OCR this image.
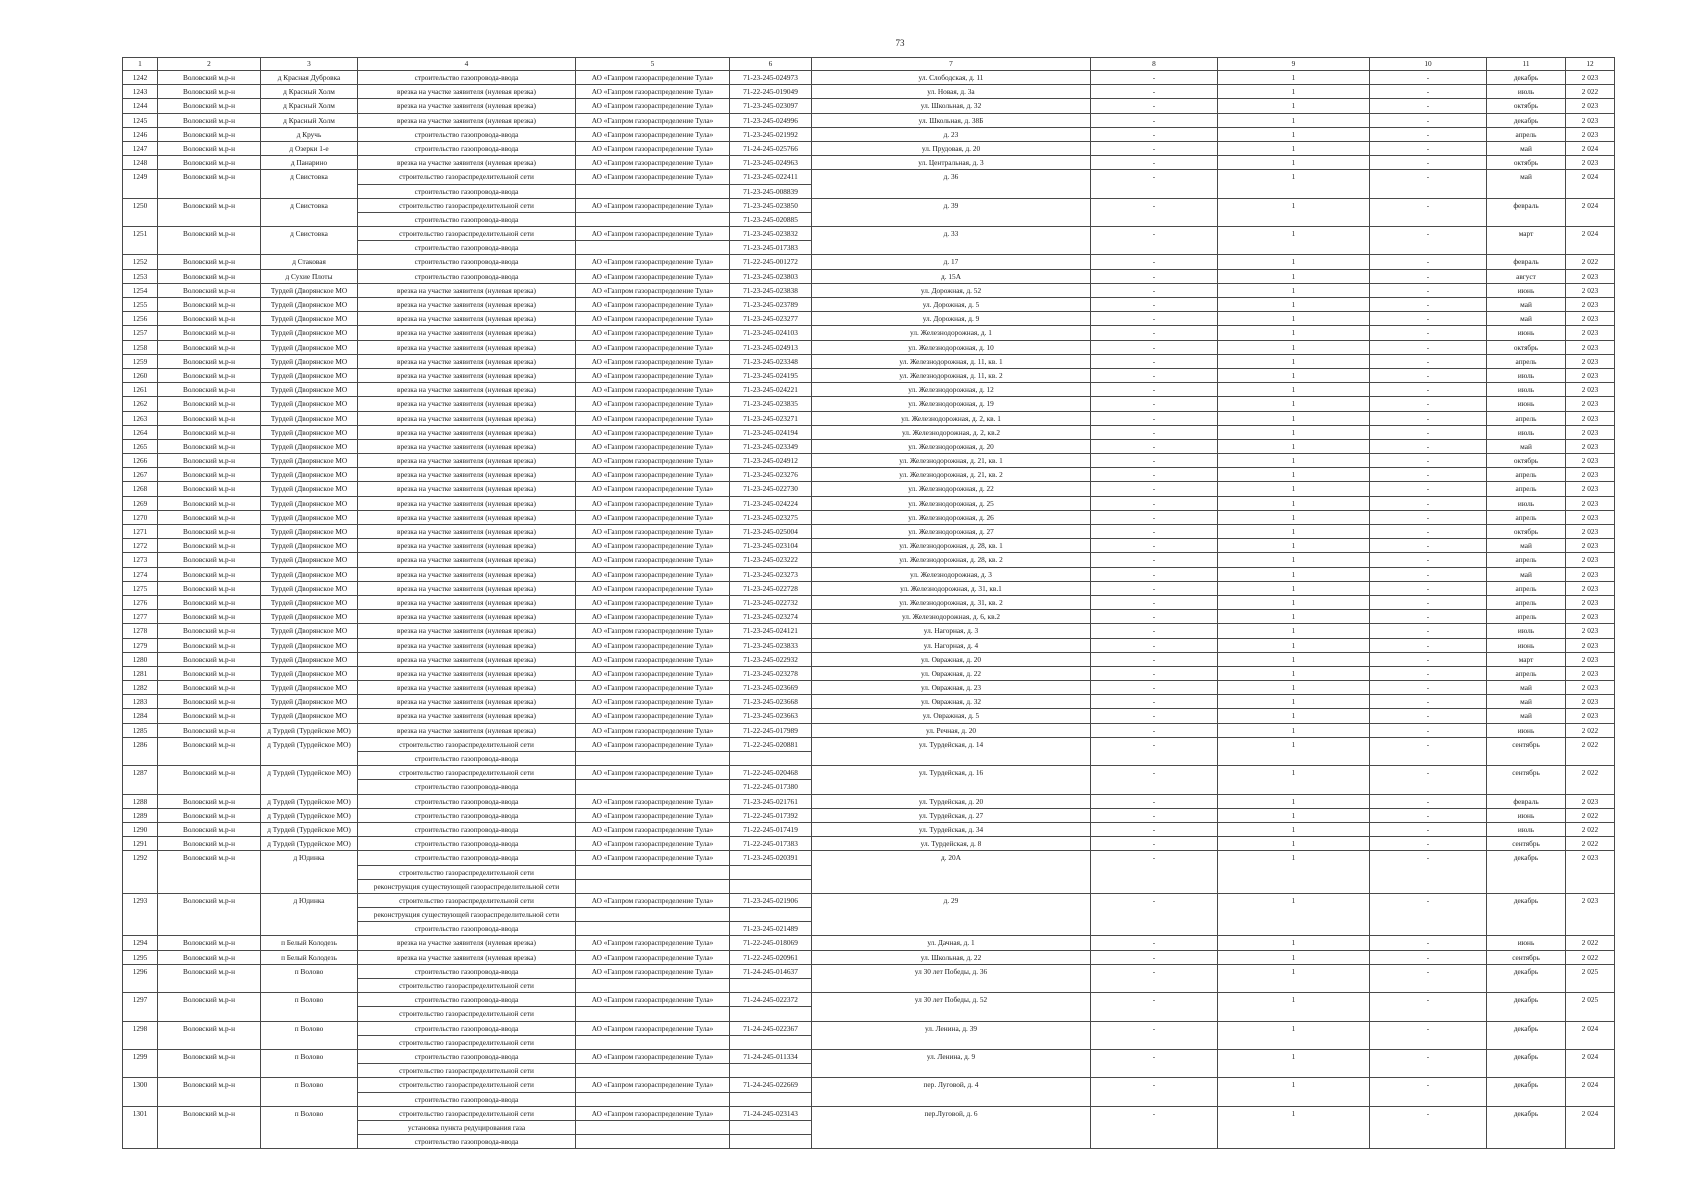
73
1	2	3	4	5	6	7	8	9	10	11	12
1242	Воловский м.р-н	д Красная Дубровка	строительство газопровода-ввода	АО «Газпром газораспределение Тула»	71-23-245-024973	ул. Слободская, д. 11	-	1	-	декабрь	2 023
1243	Воловский м.р-н	д Красный Холм	врезка на участке заявителя (нулевая врезка)	АО «Газпром газораспределение Тула»	71-22-245-019049	ул. Новая, д. 3а	-	1	-	июль	2 022
1244	Воловский м.р-н	д Красный Холм	врезка на участке заявителя (нулевая врезка)	АО «Газпром газораспределение Тула»	71-23-245-023097	ул. Школьная, д. 32	-	1	-	октябрь	2 023
1245	Воловский м.р-н	д Красный Холм	врезка на участке заявителя (нулевая врезка)	АО «Газпром газораспределение Тула»	71-23-245-024996	ул. Школьная, д. 38Б	-	1	-	декабрь	2 023
1246	Воловский м.р-н	д Кручь	строительство газопровода-ввода	АО «Газпром газораспределение Тула»	71-23-245-021992	д. 23	-	1	-	апрель	2 023
1247	Воловский м.р-н	д Озерки 1-е	строительство газопровода-ввода	АО «Газпром газораспределение Тула»	71-24-245-025766	ул. Прудовая, д. 20	-	1	-	май	2 024
1248	Воловский м.р-н	д Панарино	врезка на участке заявителя (нулевая врезка)	АО «Газпром газораспределение Тула»	71-23-245-024963	ул. Центральная, д. 3	-	1	-	октябрь	2 023
1249	Воловский м.р-н	д Свистовка	строительство газораспределительной сети	АО «Газпром газораспределение Тула»	71-23-245-022411	д. 36	-	1	-	май	2 024
			строительство газопровода-ввода		71-23-245-008839						
1250	Воловский м.р-н	д Свистовка	строительство газораспределительной сети	АО «Газпром газораспределение Тула»	71-23-245-023850	д. 39	-	1	-	февраль	2 024
			строительство газопровода-ввода		71-23-245-020885						
1251	Воловский м.р-н	д Свистовка	строительство газораспределительной сети	АО «Газпром газораспределение Тула»	71-23-245-023832	д. 33	-	1	-	март	2 024
			строительство газопровода-ввода		71-23-245-017383						
1252	Воловский м.р-н	д Стаковая	строительство газопровода-ввода	АО «Газпром газораспределение Тула»	71-22-245-001272	д. 17	-	1	-	февраль	2 022
1253	Воловский м.р-н	д Сухие Плоты	строительство газопровода-ввода	АО «Газпром газораспределение Тула»	71-23-245-023803	д. 15А	-	1	-	август	2 023
1254	Воловский м.р-н	Турдей (Дворянское МО	врезка на участке заявителя (нулевая врезка)	АО «Газпром газораспределение Тула»	71-23-245-023838	ул. Дорожная, д. 52	-	1	-	июнь	2 023
1255	Воловский м.р-н	Турдей (Дворянское МО	врезка на участке заявителя (нулевая врезка)	АО «Газпром газораспределение Тула»	71-23-245-023789	ул. Дорожная, д. 5	-	1	-	май	2 023
1256	Воловский м.р-н	Турдей (Дворянское МО	врезка на участке заявителя (нулевая врезка)	АО «Газпром газораспределение Тула»	71-23-245-023277	ул. Дорожная, д. 9	-	1	-	май	2 023
1257	Воловский м.р-н	Турдей (Дворянское МО	врезка на участке заявителя (нулевая врезка)	АО «Газпром газораспределение Тула»	71-23-245-024103	ул. Железнодорожная, д. 1	-	1	-	июнь	2 023
1258	Воловский м.р-н	Турдей (Дворянское МО	врезка на участке заявителя (нулевая врезка)	АО «Газпром газораспределение Тула»	71-23-245-024913	ул. Железнодорожная, д. 10	-	1	-	октябрь	2 023
1259	Воловский м.р-н	Турдей (Дворянское МО	врезка на участке заявителя (нулевая врезка)	АО «Газпром газораспределение Тула»	71-23-245-023348	ул. Железнодорожная, д. 11, кв. 1	-	1	-	апрель	2 023
1260	Воловский м.р-н	Турдей (Дворянское МО	врезка на участке заявителя (нулевая врезка)	АО «Газпром газораспределение Тула»	71-23-245-024195	ул. Железнодорожная, д. 11, кв. 2	-	1	-	июль	2 023
1261	Воловский м.р-н	Турдей (Дворянское МО	врезка на участке заявителя (нулевая врезка)	АО «Газпром газораспределение Тула»	71-23-245-024221	ул. Железнодорожная, д. 12	-	1	-	июль	2 023
1262	Воловский м.р-н	Турдей (Дворянское МО	врезка на участке заявителя (нулевая врезка)	АО «Газпром газораспределение Тула»	71-23-245-023835	ул. Железнодорожная, д. 19	-	1	-	июнь	2 023
1263	Воловский м.р-н	Турдей (Дворянское МО	врезка на участке заявителя (нулевая врезка)	АО «Газпром газораспределение Тула»	71-23-245-023271	ул. Железнодорожная, д. 2, кв. 1	-	1	-	апрель	2 023
1264	Воловский м.р-н	Турдей (Дворянское МО	врезка на участке заявителя (нулевая врезка)	АО «Газпром газораспределение Тула»	71-23-245-024194	ул. Железнодорожная, д. 2, кв.2	-	1	-	июль	2 023
1265	Воловский м.р-н	Турдей (Дворянское МО	врезка на участке заявителя (нулевая врезка)	АО «Газпром газораспределение Тула»	71-23-245-023349	ул. Железнодорожная, д. 20	-	1	-	май	2 023
1266	Воловский м.р-н	Турдей (Дворянское МО	врезка на участке заявителя (нулевая врезка)	АО «Газпром газораспределение Тула»	71-23-245-024912	ул. Железнодорожная, д. 21, кв. 1	-	1	-	октябрь	2 023
1267	Воловский м.р-н	Турдей (Дворянское МО	врезка на участке заявителя (нулевая врезка)	АО «Газпром газораспределение Тула»	71-23-245-023276	ул. Железнодорожная, д. 21, кв. 2	-	1	-	апрель	2 023
1268	Воловский м.р-н	Турдей (Дворянское МО	врезка на участке заявителя (нулевая врезка)	АО «Газпром газораспределение Тула»	71-23-245-022730	ул. Железнодорожная, д. 22	-	1	-	апрель	2 023
1269	Воловский м.р-н	Турдей (Дворянское МО	врезка на участке заявителя (нулевая врезка)	АО «Газпром газораспределение Тула»	71-23-245-024224	ул. Железнодорожная, д. 25	-	1	-	июль	2 023
1270	Воловский м.р-н	Турдей (Дворянское МО	врезка на участке заявителя (нулевая врезка)	АО «Газпром газораспределение Тула»	71-23-245-023275	ул. Железнодорожная, д. 26	-	1	-	апрель	2 023
1271	Воловский м.р-н	Турдей (Дворянское МО	врезка на участке заявителя (нулевая врезка)	АО «Газпром газораспределение Тула»	71-23-245-025004	ул. Железнодорожная, д. 27	-	1	-	октябрь	2 023
1272	Воловский м.р-н	Турдей (Дворянское МО	врезка на участке заявителя (нулевая врезка)	АО «Газпром газораспределение Тула»	71-23-245-023104	ул. Железнодорожная, д. 28, кв. 1	-	1	-	май	2 023
1273	Воловский м.р-н	Турдей (Дворянское МО	врезка на участке заявителя (нулевая врезка)	АО «Газпром газораспределение Тула»	71-23-245-023222	ул. Железнодорожная, д. 28, кв. 2	-	1	-	апрель	2 023
1274	Воловский м.р-н	Турдей (Дворянское МО	врезка на участке заявителя (нулевая врезка)	АО «Газпром газораспределение Тула»	71-23-245-023273	ул. Железнодорожная, д. 3	-	1	-	май	2 023
1275	Воловский м.р-н	Турдей (Дворянское МО	врезка на участке заявителя (нулевая врезка)	АО «Газпром газораспределение Тула»	71-23-245-022728	ул. Железнодорожная, д. 31, кв.1	-	1	-	апрель	2 023
1276	Воловский м.р-н	Турдей (Дворянское МО	врезка на участке заявителя (нулевая врезка)	АО «Газпром газораспределение Тула»	71-23-245-022732	ул. Железнодорожная, д. 31, кв. 2	-	1	-	апрель	2 023
1277	Воловский м.р-н	Турдей (Дворянское МО	врезка на участке заявителя (нулевая врезка)	АО «Газпром газораспределение Тула»	71-23-245-023274	ул. Железнодорожная, д. 6, кв.2	-	1	-	апрель	2 023
1278	Воловский м.р-н	Турдей (Дворянское МО	врезка на участке заявителя (нулевая врезка)	АО «Газпром газораспределение Тула»	71-23-245-024121	ул. Нагорная, д. 3	-	1	-	июль	2 023
1279	Воловский м.р-н	Турдей (Дворянское МО	врезка на участке заявителя (нулевая врезка)	АО «Газпром газораспределение Тула»	71-23-245-023833	ул. Нагорная, д. 4	-	1	-	июнь	2 023
1280	Воловский м.р-н	Турдей (Дворянское МО	врезка на участке заявителя (нулевая врезка)	АО «Газпром газораспределение Тула»	71-23-245-022932	ул. Овражная, д. 20	-	1	-	март	2 023
1281	Воловский м.р-н	Турдей (Дворянское МО	врезка на участке заявителя (нулевая врезка)	АО «Газпром газораспределение Тула»	71-23-245-023278	ул. Овражная, д. 22	-	1	-	апрель	2 023
1282	Воловский м.р-н	Турдей (Дворянское МО	врезка на участке заявителя (нулевая врезка)	АО «Газпром газораспределение Тула»	71-23-245-023669	ул. Овражная, д. 23	-	1	-	май	2 023
1283	Воловский м.р-н	Турдей (Дворянское МО	врезка на участке заявителя (нулевая врезка)	АО «Газпром газораспределение Тула»	71-23-245-023668	ул. Овражная, д. 32	-	1	-	май	2 023
1284	Воловский м.р-н	Турдей (Дворянское МО	врезка на участке заявителя (нулевая врезка)	АО «Газпром газораспределение Тула»	71-23-245-023663	ул. Овражная, д. 5	-	1	-	май	2 023
1285	Воловский м.р-н	д Турдей (Турдейское МО)	врезка на участке заявителя (нулевая врезка)	АО «Газпром газораспределение Тула»	71-22-245-017989	ул. Речная, д. 20	-	1	-	июнь	2 022
1286	Воловский м.р-н	д Турдей (Турдейское МО)	строительство газораспределительной сети	АО «Газпром газораспределение Тула»	71-22-245-020881	ул. Турдейская, д. 14	-	1	-	сентябрь	2 022
			строительство газопровода-ввода								
1287	Воловский м.р-н	д Турдей (Турдейское МО)	строительство газораспределительной сети	АО «Газпром газораспределение Тула»	71-22-245-020468	ул. Турдейская, д. 16	-	1	-	сентябрь	2 022
			строительство газопровода-ввода		71-22-245-017380						
1288	Воловский м.р-н	д Турдей (Турдейское МО)	строительство газопровода-ввода	АО «Газпром газораспределение Тула»	71-23-245-021761	ул. Турдейская, д. 20	-	1	-	февраль	2 023
1289	Воловский м.р-н	д Турдей (Турдейское МО)	строительство газопровода-ввода	АО «Газпром газораспределение Тула»	71-22-245-017392	ул. Турдейская, д. 27	-	1	-	июнь	2 022
1290	Воловский м.р-н	д Турдей (Турдейское МО)	строительство газопровода-ввода	АО «Газпром газораспределение Тула»	71-22-245-017419	ул. Турдейская, д. 34	-	1	-	июль	2 022
1291	Воловский м.р-н	д Турдей (Турдейское МО)	строительство газопровода-ввода	АО «Газпром газораспределение Тула»	71-22-245-017383	ул. Турдейская, д. 8	-	1	-	сентябрь	2 022
1292	Воловский м.р-н	д Юдинка	строительство газопровода-ввода	АО «Газпром газораспределение Тула»	71-23-245-020391	д. 20А	-	1	-	декабрь	2 023
			строительство газораспределительной сети								
			реконструкция существующей газораспределительной сети								
1293	Воловский м.р-н	д Юдинка	строительство газораспределительной сети	АО «Газпром газораспределение Тула»	71-23-245-021906	д. 29	-	1	-	декабрь	2 023
			реконструкция существующей газораспределительной сети								
			строительство газопровода-ввода		71-23-245-021489						
1294	Воловский м.р-н	п Белый Колодезь	врезка на участке заявителя (нулевая врезка)	АО «Газпром газораспределение Тула»	71-22-245-018069	ул. Дачная, д. 1	-	1	-	июнь	2 022
1295	Воловский м.р-н	п Белый Колодезь	врезка на участке заявителя (нулевая врезка)	АО «Газпром газораспределение Тула»	71-22-245-020961	ул. Школьная, д. 22	-	1	-	сентябрь	2 022
1296	Воловский м.р-н	п Волово	строительство газопровода-ввода	АО «Газпром газораспределение Тула»	71-24-245-014637	ул 30 лет Победы, д. 36	-	1	-	декабрь	2 025
			строительство газораспределительной сети								
1297	Воловский м.р-н	п Волово	строительство газопровода-ввода	АО «Газпром газораспределение Тула»	71-24-245-022372	ул 30 лет Победы, д. 52	-	1	-	декабрь	2 025
			строительство газораспределительной сети								
1298	Воловский м.р-н	п Волово	строительство газопровода-ввода	АО «Газпром газораспределение Тула»	71-24-245-022367	ул. Ленина, д. 39	-	1	-	декабрь	2 024
			строительство газораспределительной сети								
1299	Воловский м.р-н	п Волово	строительство газопровода-ввода	АО «Газпром газораспределение Тула»	71-24-245-011334	ул. Ленина, д. 9	-	1	-	декабрь	2 024
			строительство газораспределительной сети								
1300	Воловский м.р-н	п Волово	строительство газораспределительной сети	АО «Газпром газораспределение Тула»	71-24-245-022669	пер. Луговой, д. 4	-	1	-	декабрь	2 024
			строительство газопровода-ввода								
1301	Воловский м.р-н	п Волово	строительство газораспределительной сети	АО «Газпром газораспределение Тула»	71-24-245-023143	пер.Луговой, д. 6	-	1	-	декабрь	2 024
			установка пункта редуцирования газа								
			строительство газопровода-ввода								
